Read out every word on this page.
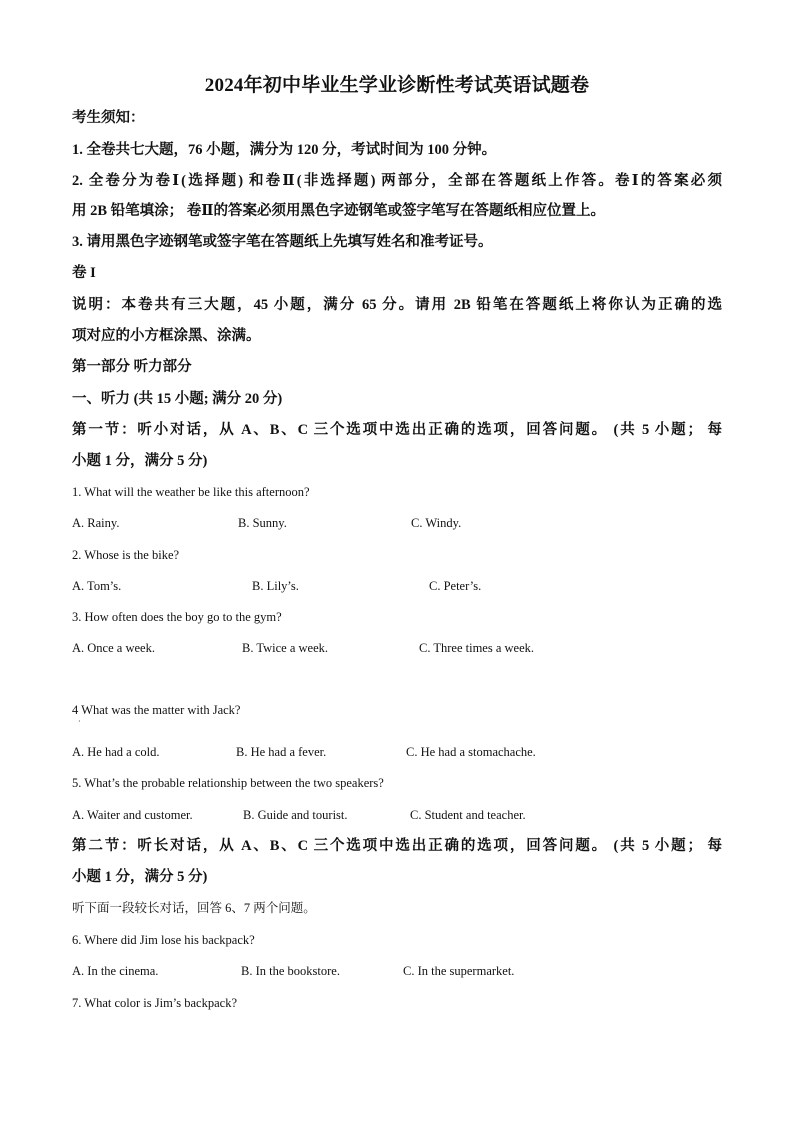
2024年初中毕业生学业诊断性考试英语试题卷
考生须知：
1. 全卷共七大题，76 小题，满分为 120 分，考试时间为 100 分钟。
2. 全卷分为卷Ⅰ(选择题) 和卷Ⅱ(非选择题) 两部分，全部在答题纸上作答。卷Ⅰ的答案必须
用 2B 铅笔填涂； 卷Ⅱ的答案必须用黑色字迹钢笔或签字笔写在答题纸相应位置上。
3. 请用黑色字迹钢笔或签字笔在答题纸上先填写姓名和准考证号。
卷 I
说明：本卷共有三大题，45 小题，满分 65 分。请用 2B 铅笔在答题纸上将你认为正确的选
项对应的小方框涂黑、涂满。
第一部分 听力部分
一、听力 (共 15 小题; 满分 20 分)
第一节：听小对话，从 A、B、C 三个选项中选出正确的选项，回答问题。 (共 5 小题； 每
小题 1 分，满分 5 分)
1. What will the weather be like this afternoon?
A. Rainy.	B. Sunny.	C. Windy.
2. Whose is the bike?
A. Tom’s.	B. Lily’s.	C. Peter’s.
3. How often does the boy go to the gym?
A. Once a week.	B. Twice a week.	C. Three times a week.
4 What was the matter with Jack?
·
A. He had a cold.	B. He had a fever.	C. He had a stomachache.
5. What’s the probable relationship between the two speakers?
A. Waiter and customer.	B. Guide and tourist.	C. Student and teacher.
第二节：听长对话，从 A、B、C 三个选项中选出正确的选项，回答问题。 (共 5 小题； 每
小题 1 分，满分 5 分)
听下面一段较长对话，回答 6、7 两个问题。
6. Where did Jim lose his backpack?
A. In the cinema.	B. In the bookstore.	C. In the supermarket.
7. What color is Jim’s backpack?
